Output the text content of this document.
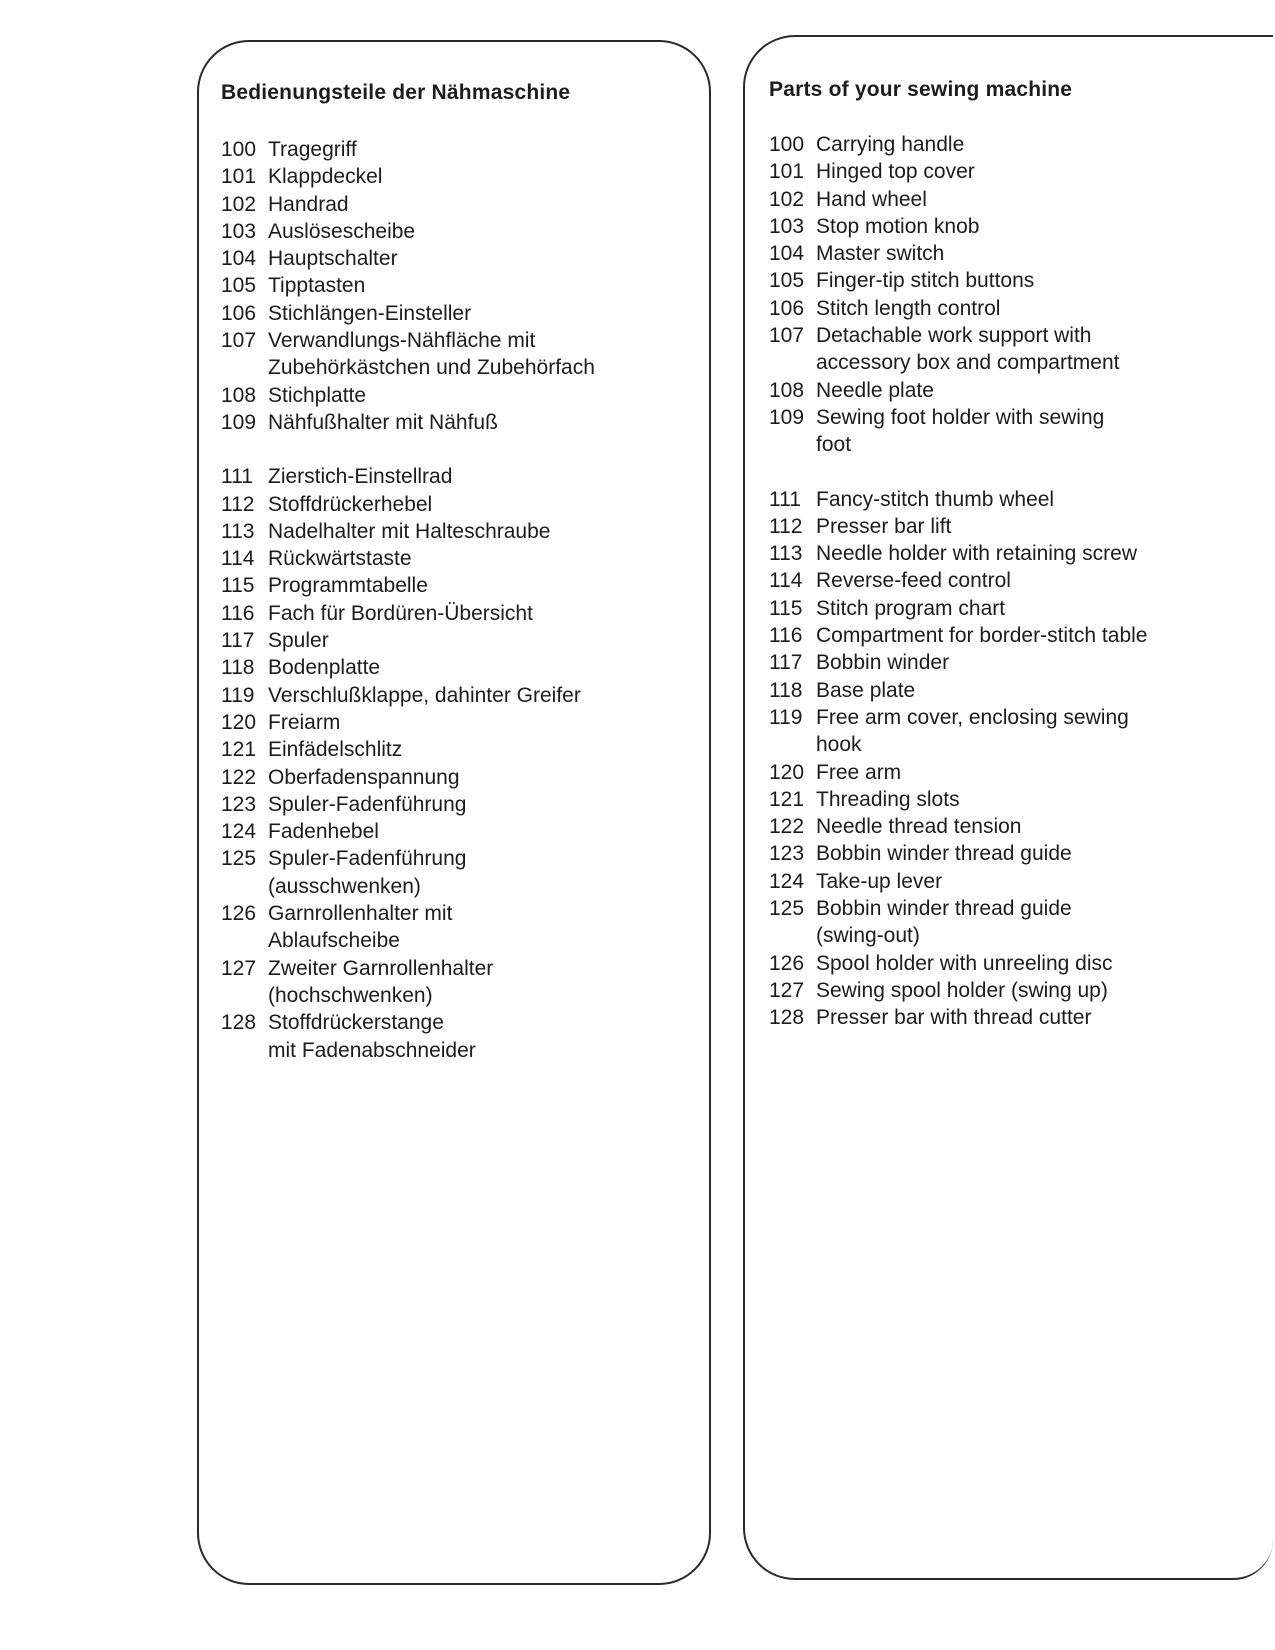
Bedienungsteile der Nähmaschine
100 Tragegriff
101 Klappdeckel
102 Handrad
103 Auslösescheibe
104 Hauptschalter
105 Tipptasten
106 Stichlängen-Einsteller
107 Verwandlungs-Nähfläche mit
Zubehörkästchen und Zubehörfach
108 Stichplatte
109 Nähfußhalter mit Nähfuß
111 Zierstich-Einstellrad
112 Stoffdrückerhebel
113 Nadelhalter mit Halteschraube
114 Rückwärtstaste
115 Programmtabelle
116 Fach für Bordüren-Übersicht
117 Spuler
118 Bodenplatte
119 Verschlußklappe, dahinter Greifer
120 Freiarm
121 Einfädelschlitz
122 Oberfadenspannung
123 Spuler-Fadenführung
124 Fadenhebel
125 Spuler-Fadenführung
(ausschwenken)
126 Garnrollenhalter mit
Ablaufscheibe
127 Zweiter Garnrollenhalter
(hochschwenken)
128 Stoffdrückerstange
mit Fadenabschneider
Parts of your sewing machine
100 Carrying handle
101 Hinged top cover
102 Hand wheel
103 Stop motion knob
104 Master switch
105 Finger-tip stitch buttons
106 Stitch length control
107 Detachable work support with
accessory box and compartment
108 Needle plate
109 Sewing foot holder with sewing
foot
111 Fancy-stitch thumb wheel
112 Presser bar lift
113 Needle holder with retaining screw
114 Reverse-feed control
115 Stitch program chart
116 Compartment for border-stitch table
117 Bobbin winder
118 Base plate
119 Free arm cover, enclosing sewing
hook
120 Free arm
121 Threading slots
122 Needle thread tension
123 Bobbin winder thread guide
124 Take-up lever
125 Bobbin winder thread guide
(swing-out)
126 Spool holder with unreeling disc
127 Sewing spool holder (swing up)
128 Presser bar with thread cutter
